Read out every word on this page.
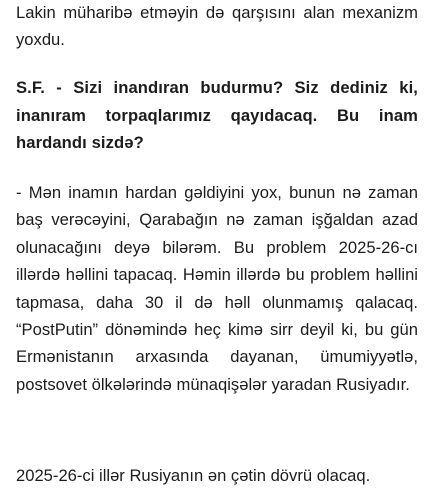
Lakin müharibə etməyin də qarşısını alan mexanizm yoxdu.

S.F. - Sizi inandıran budurmu? Siz dediniz ki, inanıram torpaqlarımız qayıdacaq. Bu inam hardandı sizdə?

- Mən inamın hardan gəldiyini yox, bunun nə zaman baş verəcəyini, Qarabağın nə zaman işğaldan azad olunacağını deyə bilərəm. Bu problem 2025-26-cı illərdə həllini tapacaq. Həmin illərdə bu problem həllini tapmasa, daha 30 il də həll olunmamış qalacaq. “PostPutin” dönəmində heç kimə sirr deyil ki, bu gün Ermənistanın arxasında dayanan, ümumiyyətlə, postsovet ölkələrində münaqişələr yaradan Rusiyadır.

2025-26-ci illər Rusiyanın ən çətin dövrü olacaq.
